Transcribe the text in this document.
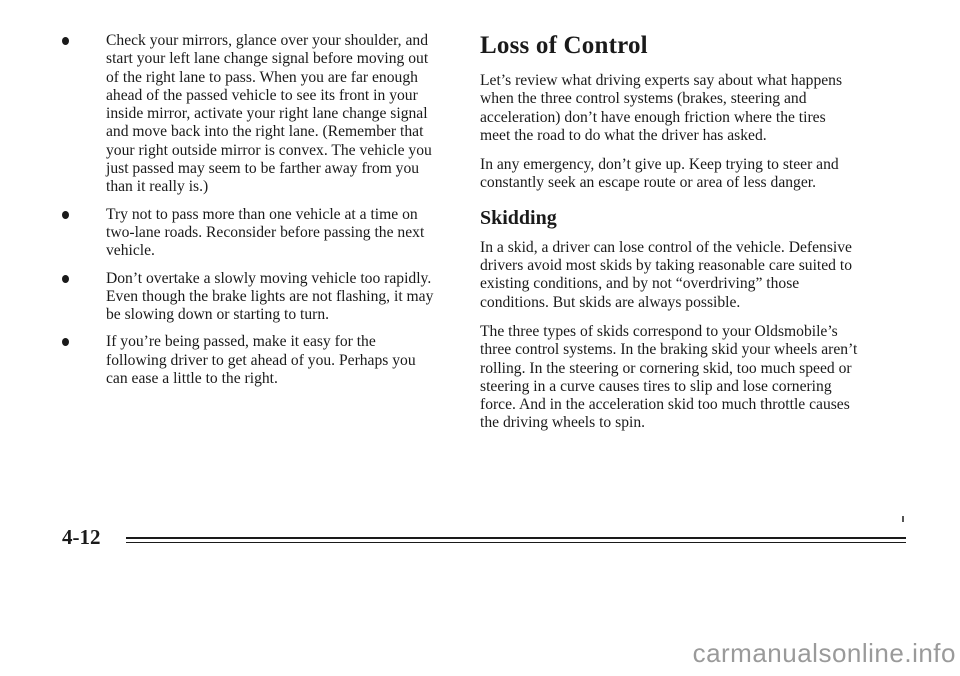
Check your mirrors, glance over your shoulder, and start your left lane change signal before moving out of the right lane to pass. When you are far enough ahead of the passed vehicle to see its front in your inside mirror, activate your right lane change signal and move back into the right lane. (Remember that your right outside mirror is convex. The vehicle you just passed may seem to be farther away from you than it really is.)
Try not to pass more than one vehicle at a time on two-lane roads. Reconsider before passing the next vehicle.
Don’t overtake a slowly moving vehicle too rapidly. Even though the brake lights are not flashing, it may be slowing down or starting to turn.
If you’re being passed, make it easy for the following driver to get ahead of you. Perhaps you can ease a little to the right.
Loss of Control

Let’s review what driving experts say about what happens when the three control systems (brakes, steering and acceleration) don’t have enough friction where the tires meet the road to do what the driver has asked.

In any emergency, don’t give up. Keep trying to steer and constantly seek an escape route or area of less danger.

Skidding

In a skid, a driver can lose control of the vehicle. Defensive drivers avoid most skids by taking reasonable care suited to existing conditions, and by not “overdriving” those conditions. But skids are always possible.

The three types of skids correspond to your Oldsmobile’s three control systems. In the braking skid your wheels aren’t rolling. In the steering or cornering skid, too much speed or steering in a curve causes tires to slip and lose cornering force. And in the acceleration skid too much throttle causes the driving wheels to spin.

4-12
carmanualsonline.info
